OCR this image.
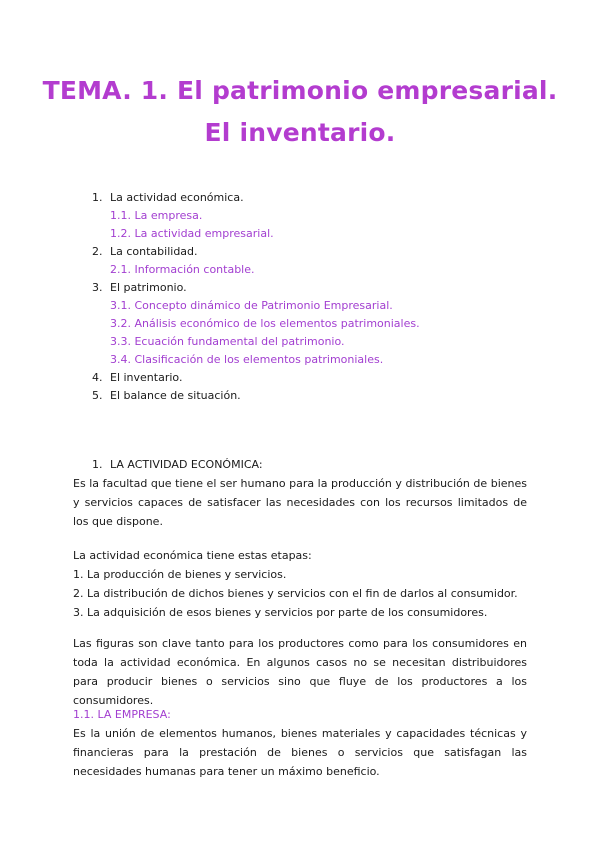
TEMA. 1. El patrimonio empresarial.
El inventario.
1. La actividad económica.
1.1. La empresa.
1.2. La actividad empresarial.
2. La contabilidad.
2.1. Información contable.
3. El patrimonio.
3.1. Concepto dinámico de Patrimonio Empresarial.
3.2. Análisis económico de los elementos patrimoniales.
3.3. Ecuación fundamental del patrimonio.
3.4. Clasificación de los elementos patrimoniales.
4. El inventario.
5. El balance de situación.
1. LA ACTIVIDAD ECONÓMICA:
Es la facultad que tiene el ser humano para la producción y distribución de bienes y servicios capaces de satisfacer las necesidades con los recursos limitados de los que dispone.
La actividad económica tiene estas etapas:
1. La producción de bienes y servicios.
2. La distribución de dichos bienes y servicios con el fin de darlos al consumidor.
3. La adquisición de esos bienes y servicios por parte de los consumidores.
Las figuras son clave tanto para los productores como para los consumidores en toda la actividad económica. En algunos casos no se necesitan distribuidores para producir bienes o servicios sino que fluye de los productores a los consumidores.
1.1. LA EMPRESA:
Es la unión de elementos humanos, bienes materiales y capacidades técnicas y financieras para la prestación de bienes o servicios que satisfagan las necesidades humanas para tener un máximo beneficio.
